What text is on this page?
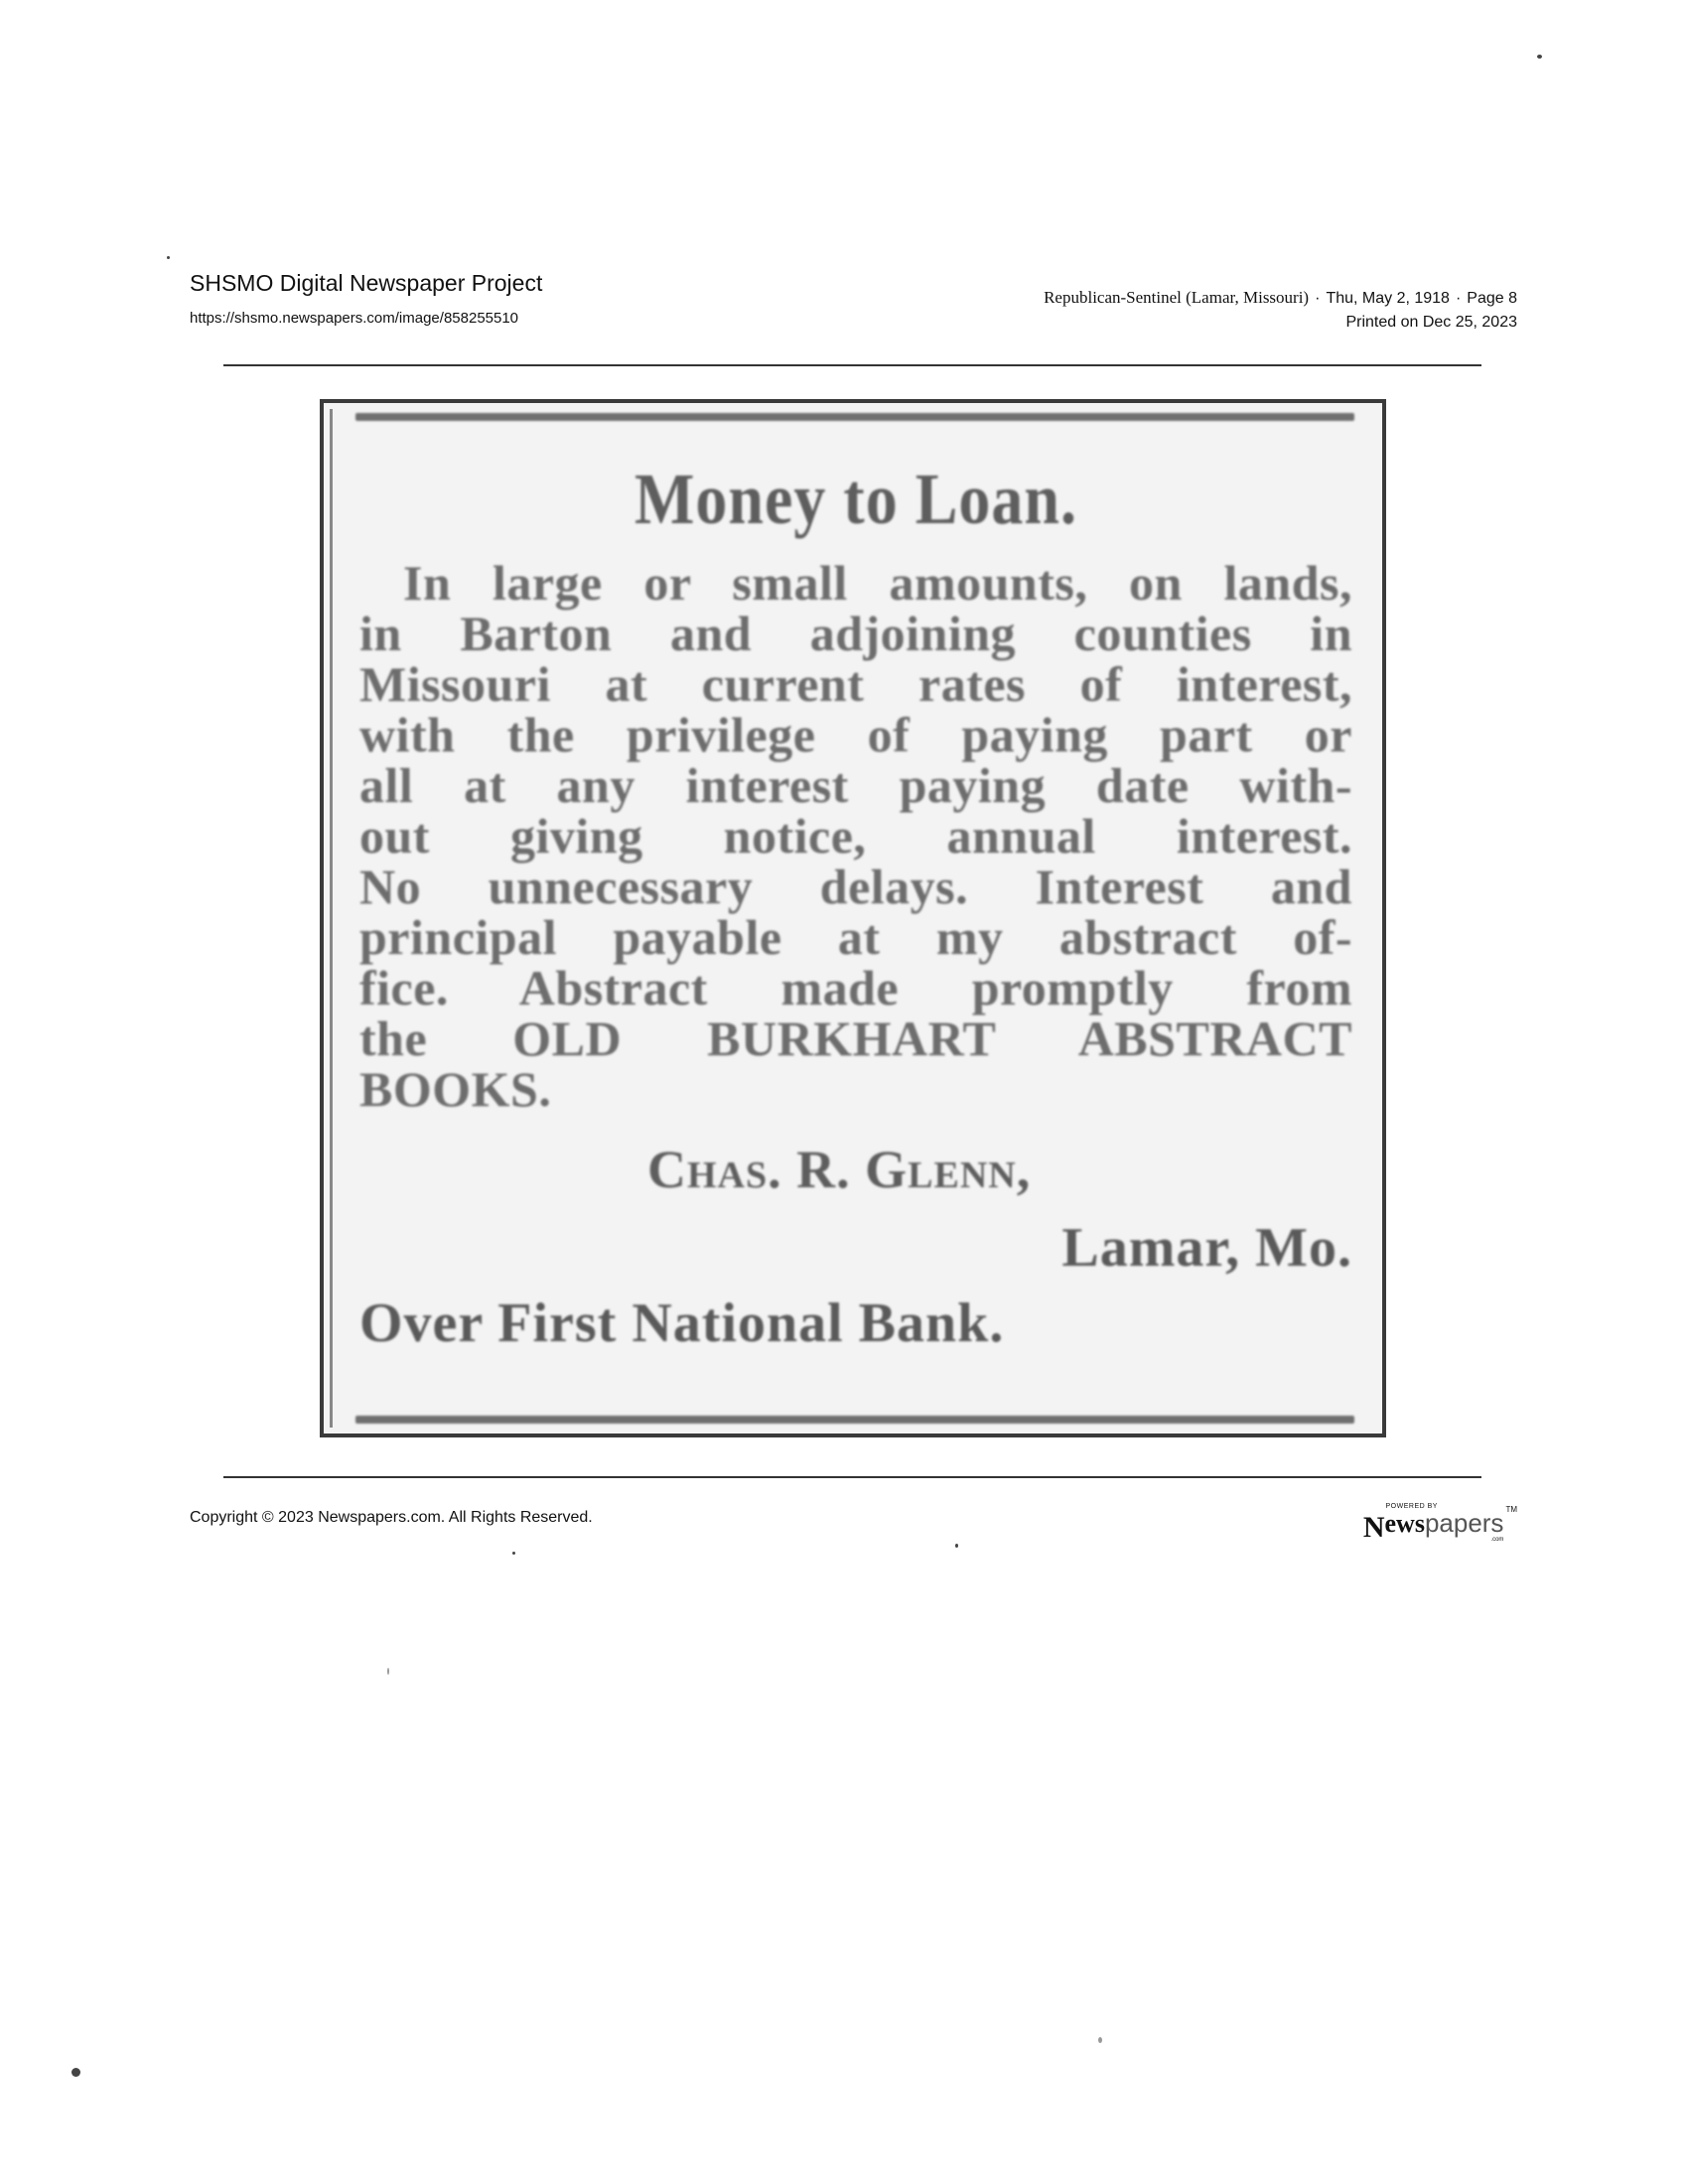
SHSMO Digital Newspaper Project
https://shsmo.newspapers.com/image/858255510
Republican-Sentinel (Lamar, Missouri) · Thu, May 2, 1918 · Page 8
Printed on Dec 25, 2023
Money to Loan.
In large or small amounts, on lands,
in Barton and adjoining counties in
Missouri at current rates of interest,
with the privilege of paying part or
all at any interest paying date with-
out giving notice, annual interest.
No unnecessary delays. Interest and
principal payable at my abstract of-
fice. Abstract made promptly from
the OLD BURKHART ABSTRACT
BOOKS.
Chas. R. Glenn,
Lamar, Mo.
Over First National Bank.
Copyright © 2023 Newspapers.com. All Rights Reserved.	N
POWERED BY
ews papers
.com
TM
